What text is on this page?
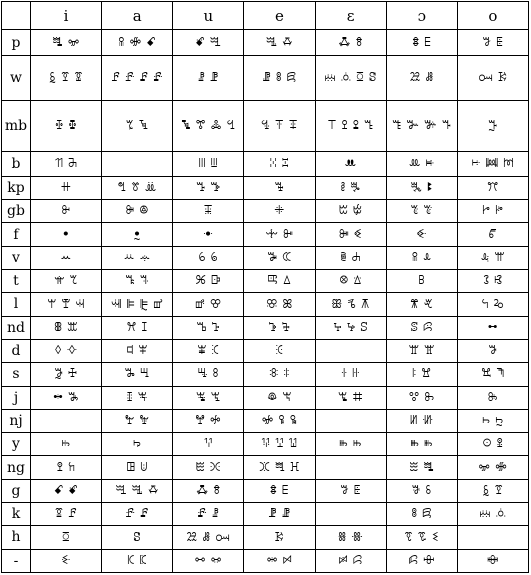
	i	a	u	e	ɛ	ɔ	o
p	ꗀ ꗁ	ꕉ ꗂ ꗃ	ꗄ ꗅ	ꗆ ꗇ	ꗈ ꗉ	ꗊ ꗋ	ꗌ ꗍ
w	ꗐ ꗑ ꗒ	ꗓ ꗔ ꗕ ꗖ	ꗗ ꗘ	ꗙ ꗚ ꗛ	ꗜ ꗝ ꗞ ꗟ	ꗠ ꗡ	ꗢ ꗣ
mb	ꔀ ꔁ	ꔂ ꔃ	ꔄ ꔅ ꔆ ꔇ	ꔈ ꔉ ꔊ	ꔋ ꔌ ꔍ ꔎ	ꔏ ꔐ ꔑ ꔒ	ꔓ
b	ꔔ ꔕ		ꔖ ꔗ	ꔘ ꔙ	ꔚ	ꔛ ꔜ	ꔝ ꔞ ꔟ
kp	ꔠ	ꔡ ꔢ ꔣ	ꔤ ꔥ	ꔦ	ꔧ ꔨ	ꔩ ꔪ	ꔫ
gb	ꔬ	ꔭ ꔮ	ꔯ	ꔰ	ꔱ ꔲ	ꔳ ꔴ	ꔵ ꔶ
f	ꔷ	ꔸ	ꔹ	ꔺ ꔻ	ꔼ ꔽ	ꔾ	ꔿ
v	ꕀ	ꕁ ꕂ	ꕃ ꕄ	ꕅ ꕆ	ꕇ ꕈ	ꕉ ꕊ	ꕋ ꕌ
t	ꕍ ꕎ	ꕏ ꕐ	ꕑ ꕒ	ꕓ ꕔ	ꕕ ꕖ	ꕗ	ꕘ ꕙ
l	ꕚ ꕛ ꕜ	ꕝ ꕞ ꕟ ꕠ	ꕡ ꕢ	ꕣ ꕤ	ꕥ ꕦ ꕧ	ꕨ ꕩ	ꕪ ꕫ
nd	ꕬ ꕭ	ꕮ ꕯ	ꕰ ꕱ	ꕲ ꕳ	ꕴ ꕵ ꕶ	ꕷ ꕸ	ꕹ
d	ꕺ ꕻ	ꕼ ꕽ	ꕾ ꕿ	ꖀ		ꖁ ꖂ	ꖃ
s	ꖄ ꖅ	ꖆ ꖇ	ꖈ ꖉ	ꖊ ꖋ	ꖌ ꖍ	ꖎ ꖏ	ꖐ ꖑ
j	ꖒ ꖓ	ꖔ ꖕ	ꖖ ꖗ	ꖘ ꖙ	ꖚ ꖛ	ꖜ ꖝ	ꖞ
nj		ꖟ ꖠ	ꖡ ꖢ	ꖣ ꖤ ꖥ		ꖦ ꖧ	ꖨ ꖩ
y	ꖪ	ꖫ	ꖬ	ꖭ ꖮ ꖯ	ꖰ ꖱ	ꖲ ꖳ	ꖴ ꖵ
ng	ꖶ ꖷ	ꖸ ꖹ	ꖺ ꖻ	ꖼ ꖽ ꖾ		ꖿ ꗀ	ꗁ ꗂ
g	ꗃ ꗄ	ꗅ ꗆ ꗇ	ꗈ ꗉ	ꗊ ꗋ	ꗌ ꗍ	ꗎ ꗏ	ꗐ ꗑ
k	ꗒ ꗓ	ꗔ ꗕ	ꗖ ꗗ	ꗘ ꗙ		ꗚ ꗛ	ꗜ ꗝ
h	ꗞ	ꗟ	ꗠ ꗡ ꗢ	ꗣ	ꗤ ꗥ	ꗦ ꗧ ꗨ	
-	ꗩ	ꗪ ꗫ	ꗬ ꗭ	ꗮ ꗯ	ꗰ ꗱ	ꗲ ꗳ	ꗴ
